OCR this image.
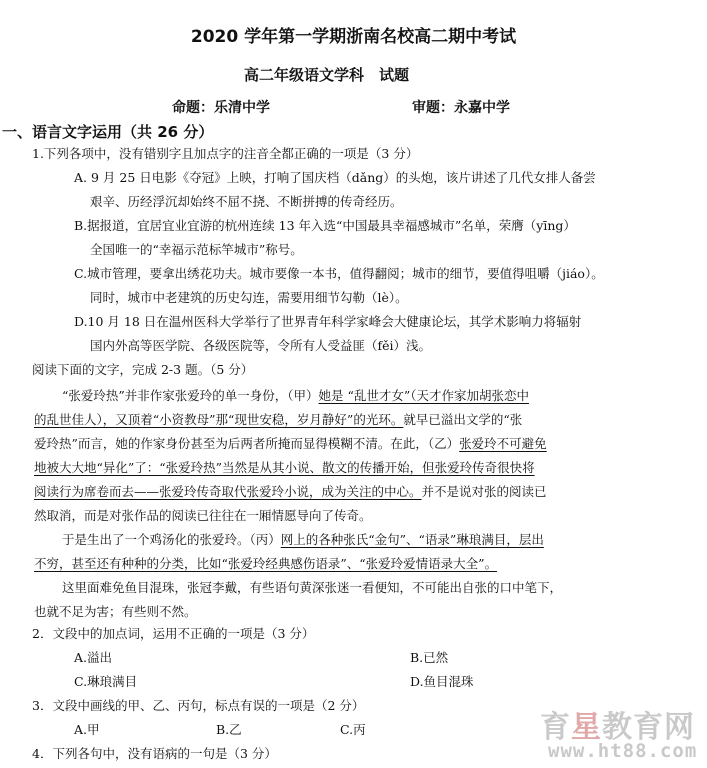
2020 学年第一学期浙南名校高二期中考试
高二年级语文学科　试题
命题：乐清中学	审题：永嘉中学
一、语言文字运用（共 26 分）
1.下列各项中，没有错别字且加点字的注音全都正确的一项是（3 分）
A. 9 月 25 日电影《夺冠》上映，打响了国庆档（dǎng）的头炮，该片讲述了几代女排人备尝
艰辛、历经浮沉却始终不屈不挠、不断拼搏的传奇经历。
B.据报道，宜居宜业宜游的杭州连续 13 年入选“中国最具幸福感城市”名单，荣膺（yīng）
全国唯一的“幸福示范标竿城市”称号。
C.城市管理，要拿出绣花功夫。城市要像一本书，值得翻阅；城市的细节，要值得咀嚼（jiáo）。
同时，城市中老建筑的历史勾连，需要用细节勾勒（lè）。
D.10 月 18 日在温州医科大学举行了世界青年科学家峰会大健康论坛，其学术影响力将辐射
国内外高等医学院、各级医院等，令所有人受益匪（fěi）浅。
阅读下面的文字，完成 2-3 题。（5 分）
“张爱玲热”并非作家张爱玲的单一身份，（甲）她是 “乱世才女”（天才作家加胡张恋中
的乱世佳人），又顶着“小资教母”那“现世安稳，岁月静好”的光环。就早已溢出文学的“张
爱玲热”而言，她的作家身份甚至为后两者所掩而显得模糊不清。在此，（乙）张爱玲不可避免
地被大大地“异化”了：“张爱玲热”当然是从其小说、散文的传播开始，但张爱玲传奇很快将
阅读行为席卷而去——张爱玲传奇取代张爱玲小说，成为关注的中心。并不是说对张的阅读已
然取消，而是对张作品的阅读已往往在一厢情愿导向了传奇。
于是生出了一个鸡汤化的张爱玲。（丙）网上的各种张氏“金句”、“语录”琳琅满目，层出
不穷，甚至还有种种的分类，比如“张爱玲经典感伤语录”、“张爱玲爱情语录大全”。
这里面难免鱼目混珠，张冠李戴，有些语句黄深张迷一看便知，不可能出自张的口中笔下，
也就不足为害；有些则不然。
2．文段中的加点词，运用不正确的一项是（3 分）
A.溢出	B.已然
C.琳琅满目	D.鱼目混珠
3．文段中画线的甲、乙、丙句，标点有误的一项是（2 分）
A.甲	B.乙	C.丙
4．下列各句中，没有语病的一句是（3 分）
育星教育网
www.ht88.com
